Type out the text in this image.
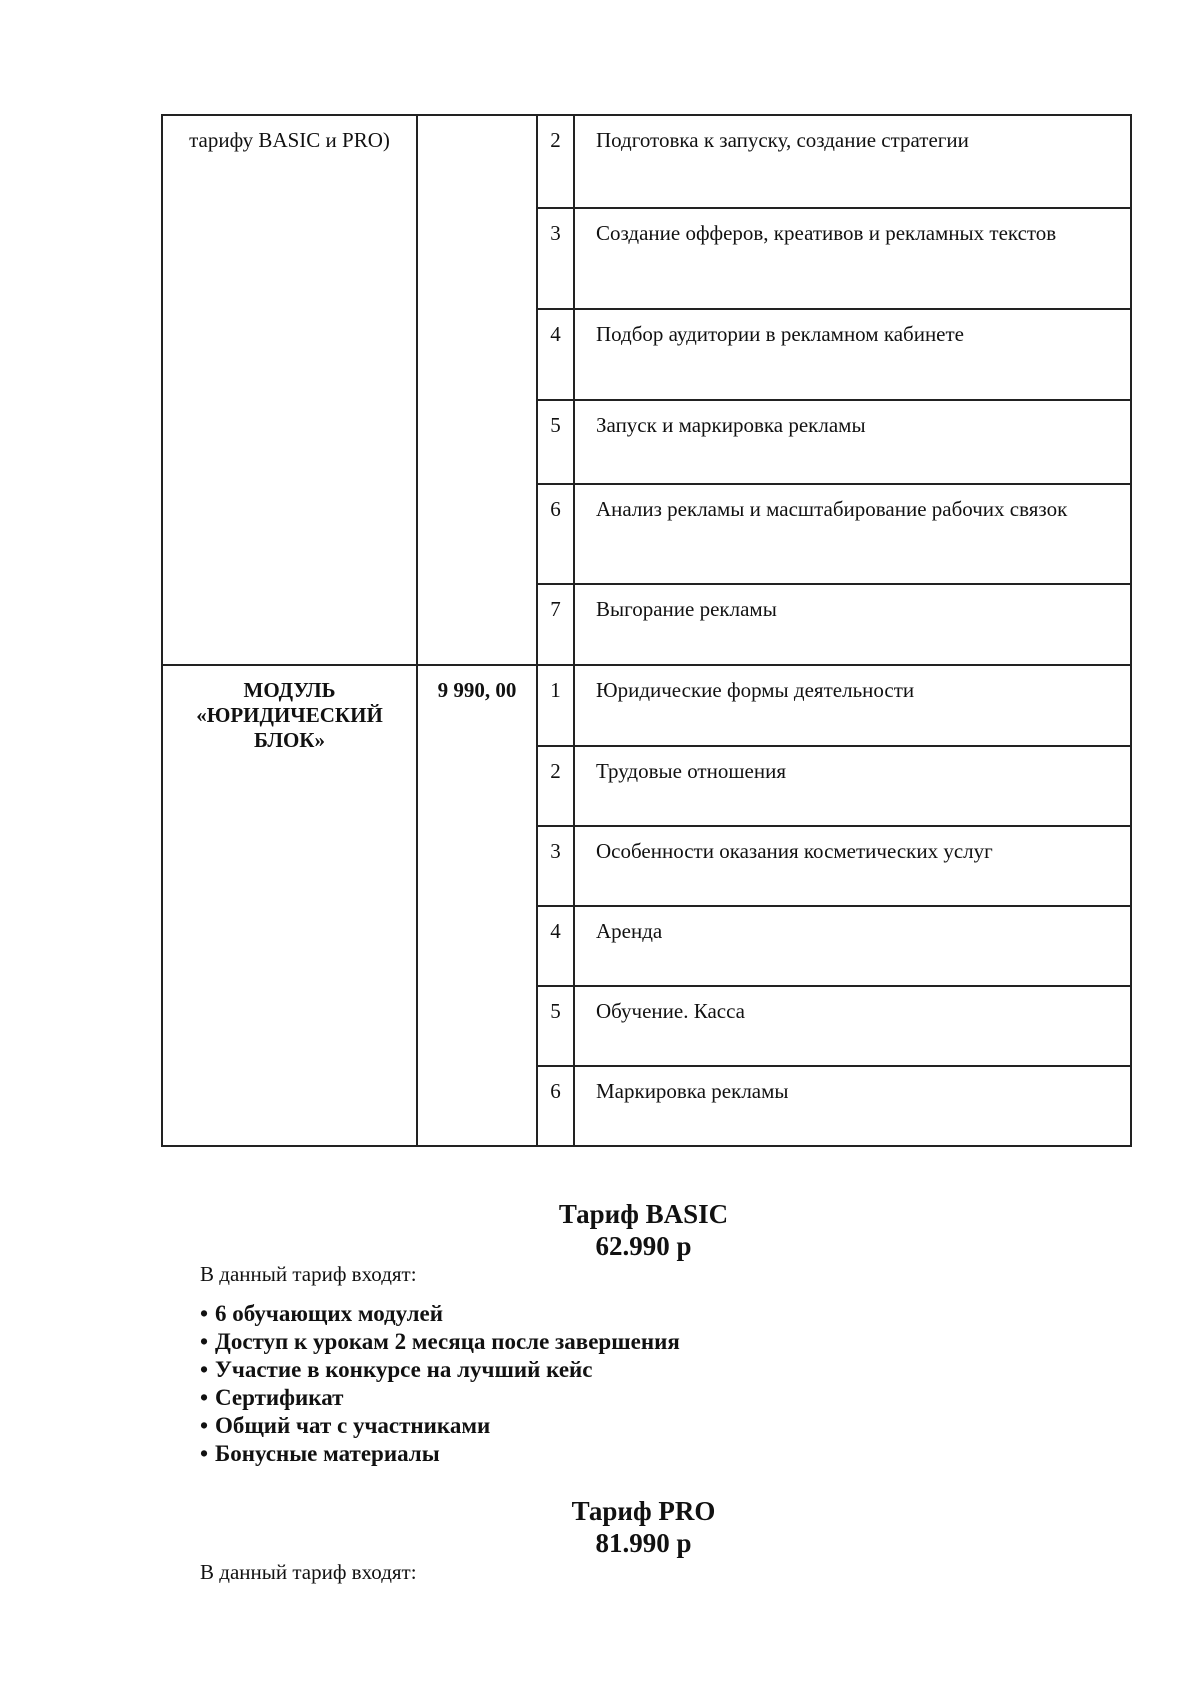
тарифу BASIC и PRO)		2	Подготовка к запуску, создание стратегии
		3	Создание офферов, креативов и рекламных текстов
		4	Подбор аудитории в рекламном кабинете
		5	Запуск и маркировка рекламы
		6	Анализ рекламы и масштабирование рабочих связок
		7	Выгорание рекламы
МОДУЛЬ «ЮРИДИЧЕСКИЙ БЛОК»	9 990, 00	1	Юридические формы деятельности
		2	Трудовые отношения
		3	Особенности оказания косметических услуг
		4	Аренда
		5	Обучение. Касса
		6	Маркировка рекламы
Тариф BASIC
62.990 р
В данный тариф входят:
• 6 обучающих модулей
• Доступ к урокам 2 месяца после завершения
• Участие в конкурсе на лучший кейс
• Сертификат
• Общий чат с участниками
• Бонусные материалы
Тариф PRO
81.990 р
В данный тариф входят:
